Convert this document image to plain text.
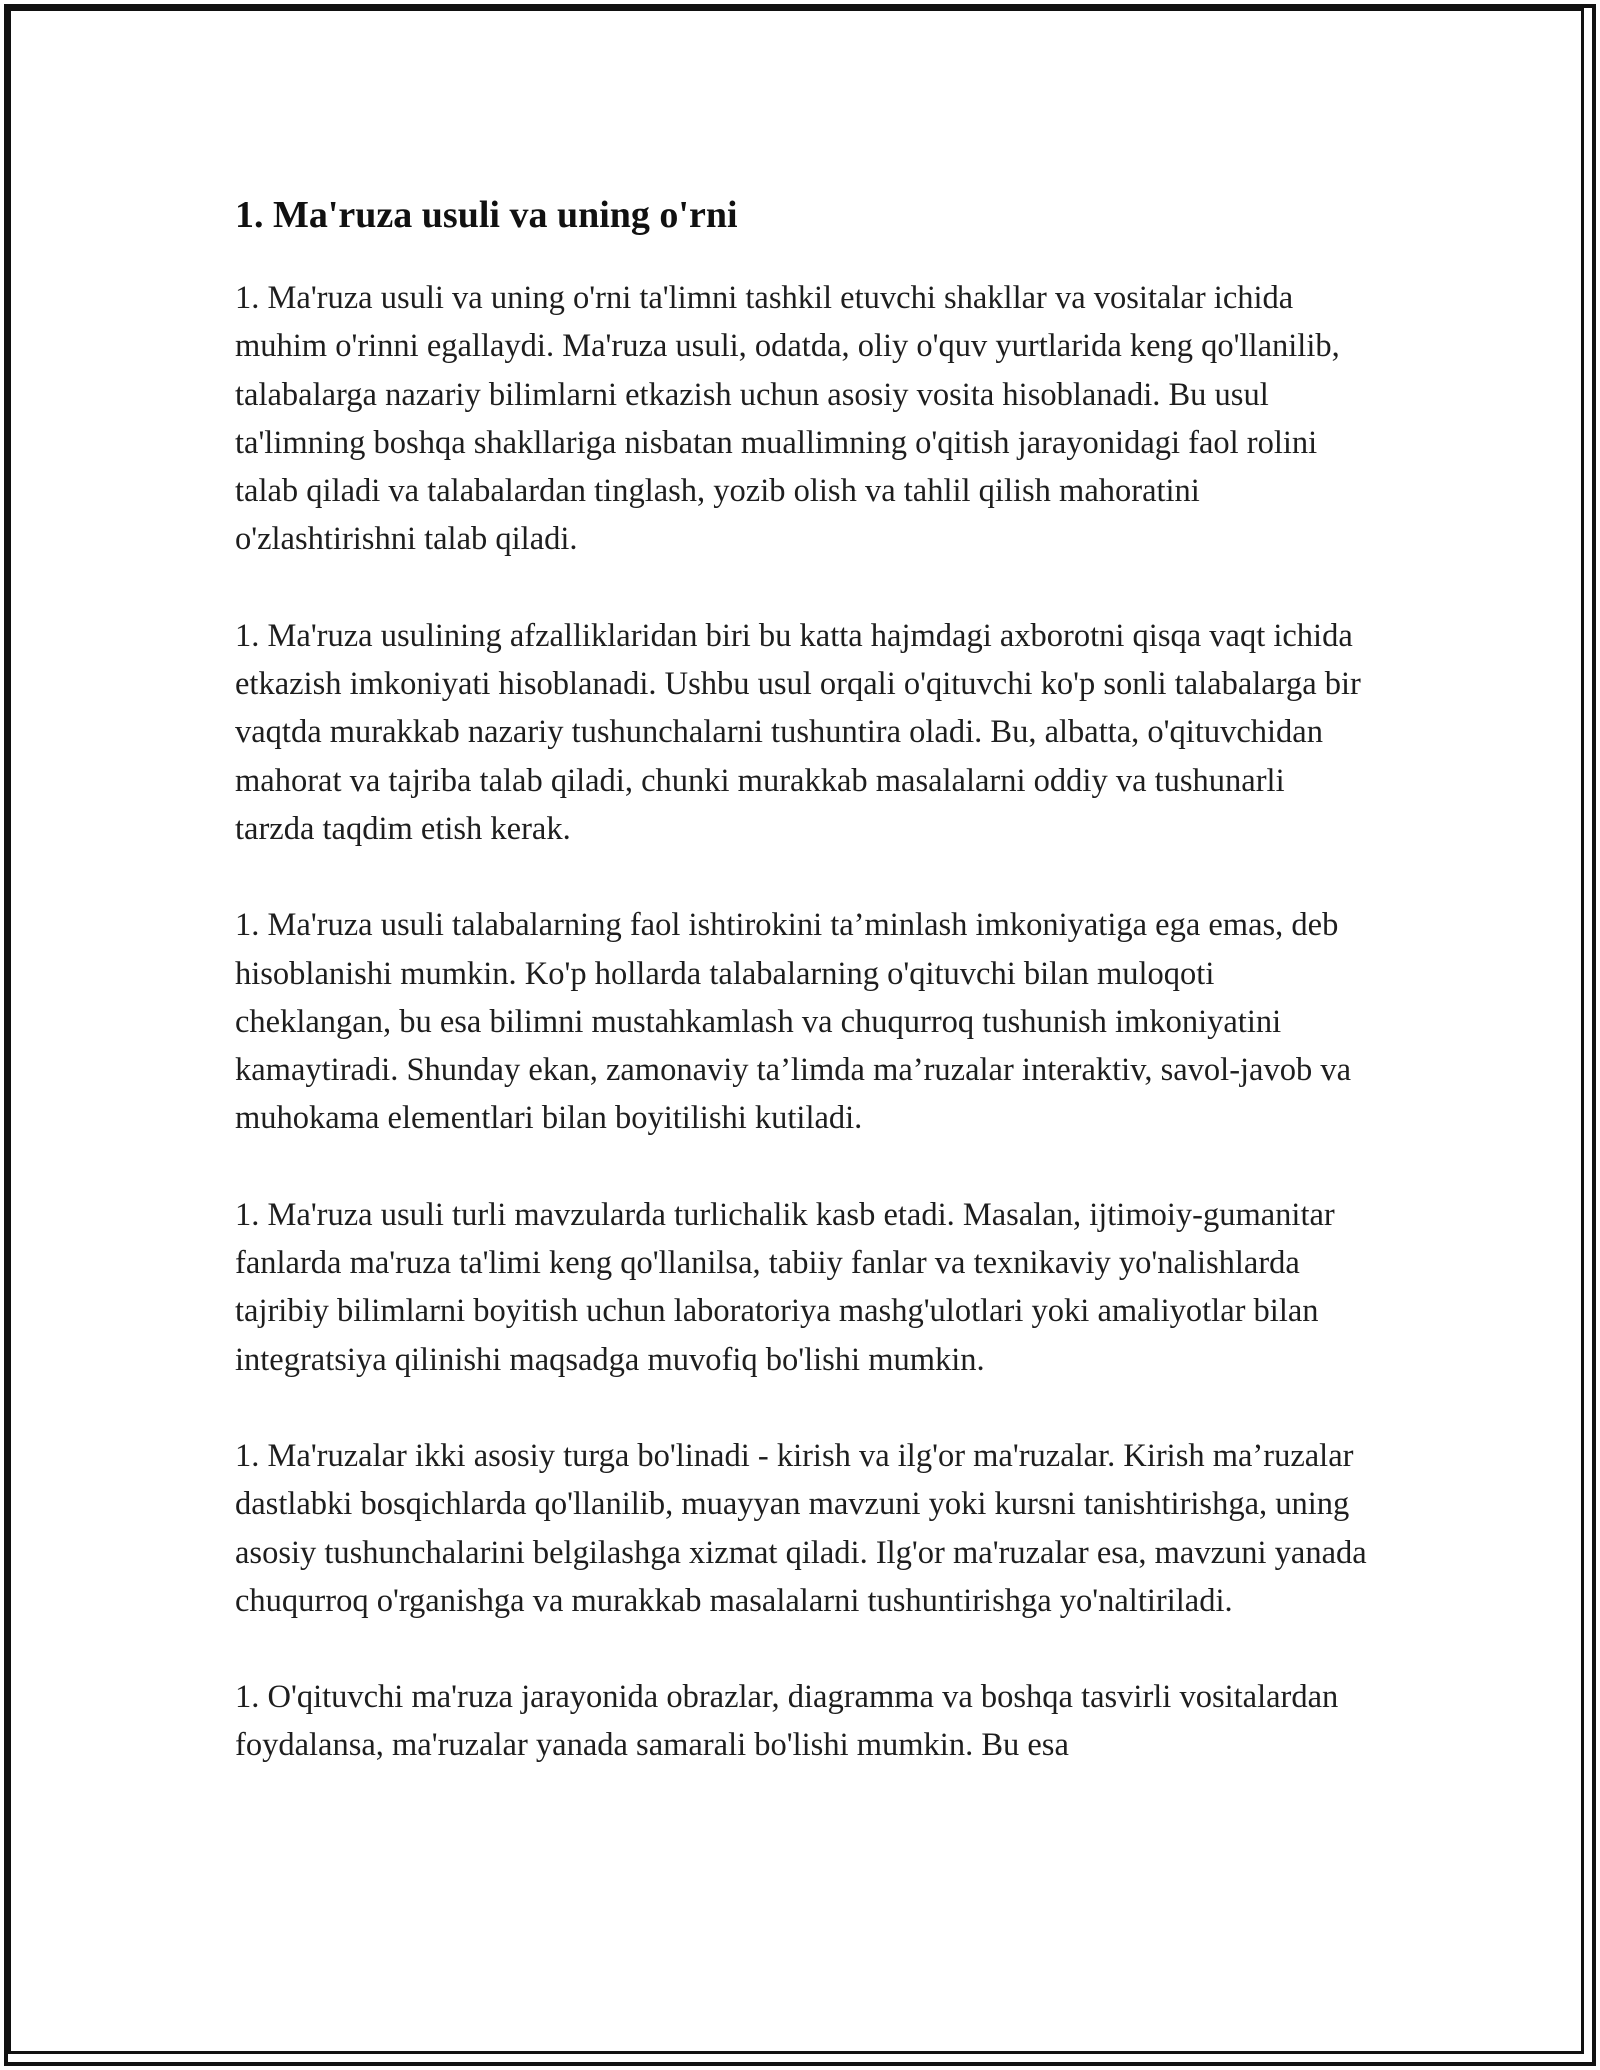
1. Ma'ruza usuli va uning o'rni

1. Ma'ruza usuli va uning o'rni ta'limni tashkil etuvchi shakllar va vositalar ichida muhim o'rinni egallaydi. Ma'ruza usuli, odatda, oliy o'quv yurtlarida keng qo'llanilib, talabalarga nazariy bilimlarni etkazish uchun asosiy vosita hisoblanadi. Bu usul ta'limning boshqa shakllariga nisbatan muallimning o'qitish jarayonidagi faol rolini talab qiladi va talabalardan tinglash, yozib olish va tahlil qilish mahoratini o'zlashtirishni talab qiladi.

1. Ma'ruza usulining afzalliklaridan biri bu katta hajmdagi axborotni qisqa vaqt ichida etkazish imkoniyati hisoblanadi. Ushbu usul orqali o'qituvchi ko'p sonli talabalarga bir vaqtda murakkab nazariy tushunchalarni tushuntira oladi. Bu, albatta, o'qituvchidan mahorat va tajriba talab qiladi, chunki murakkab masalalarni oddiy va tushunarli tarzda taqdim etish kerak.

1. Ma'ruza usuli talabalarning faol ishtirokini ta’minlash imkoniyatiga ega emas, deb hisoblanishi mumkin. Ko'p hollarda talabalarning o'qituvchi bilan muloqoti cheklangan, bu esa bilimni mustahkamlash va chuqurroq tushunish imkoniyatini kamaytiradi. Shunday ekan, zamonaviy ta’limda ma’ruzalar interaktiv, savol-javob va muhokama elementlari bilan boyitilishi kutiladi.

1. Ma'ruza usuli turli mavzularda turlichalik kasb etadi. Masalan, ijtimoiy-gumanitar fanlarda ma'ruza ta'limi keng qo'llanilsa, tabiiy fanlar va texnikaviy yo'nalishlarda tajribiy bilimlarni boyitish uchun laboratoriya mashg'ulotlari yoki amaliyotlar bilan integratsiya qilinishi maqsadga muvofiq bo'lishi mumkin.

1. Ma'ruzalar ikki asosiy turga bo'linadi - kirish va ilg'or ma'ruzalar. Kirish ma’ruzalar dastlabki bosqichlarda qo'llanilib, muayyan mavzuni yoki kursni tanishtirishga, uning asosiy tushunchalarini belgilashga xizmat qiladi. Ilg'or ma'ruzalar esa, mavzuni yanada chuqurroq o'rganishga va murakkab masalalarni tushuntirishga yo'naltiriladi.

1. O'qituvchi ma'ruza jarayonida obrazlar, diagramma va boshqa tasvirli vositalardan foydalansa, ma'ruzalar yanada samarali bo'lishi mumkin. Bu esa
